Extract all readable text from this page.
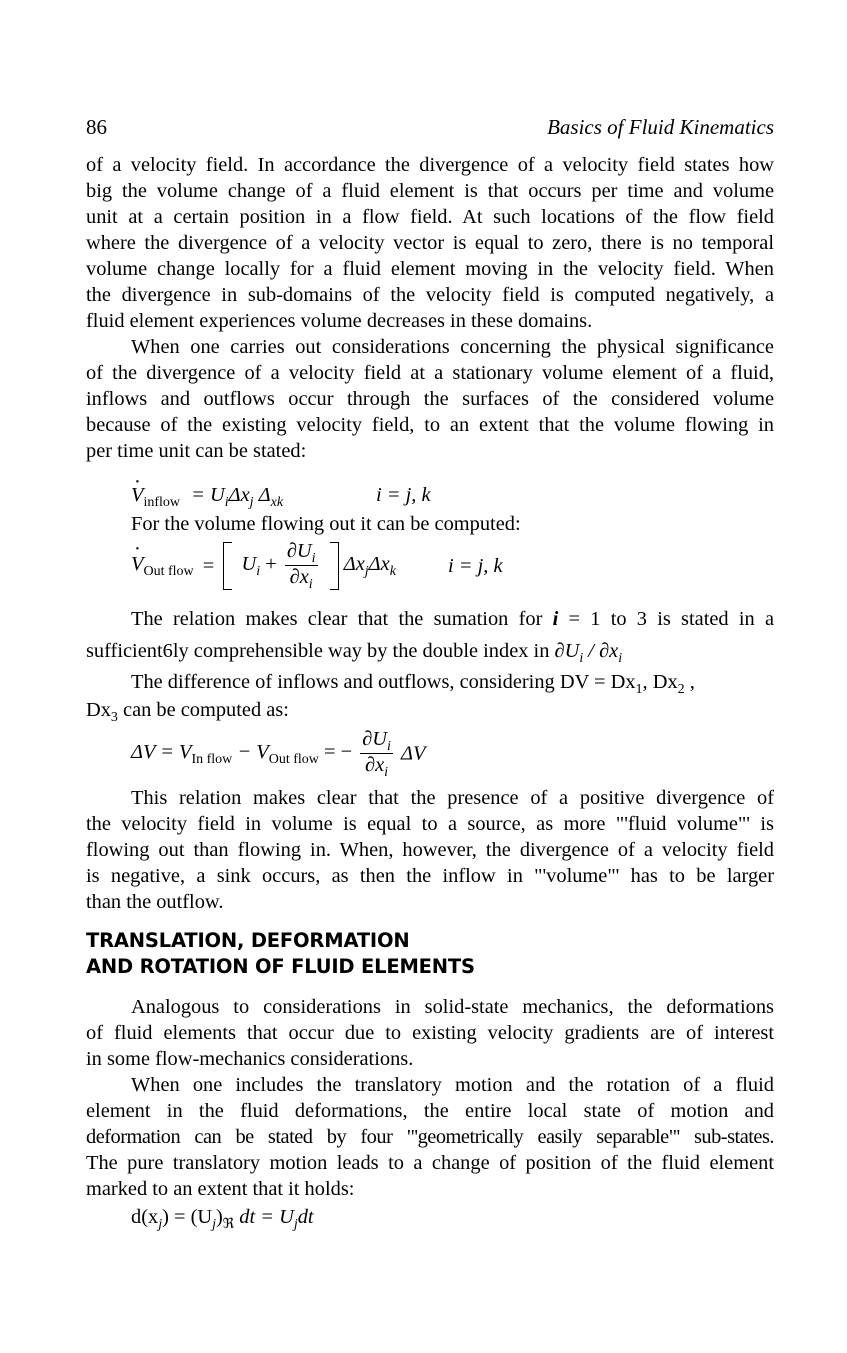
86	Basics of Fluid Kinematics
of a velocity field. In accordance the divergence of a velocity field states how
big the volume change of a fluid element is that occurs per time and volume
unit at a certain position in a flow field. At such locations of the flow field
where the divergence of a velocity vector is equal to zero, there is no temporal
volume change locally for a fluid element moving in the velocity field. When
the divergence in sub-domains of the velocity field is computed negatively, a
fluid element experiences volume decreases in these domains.
When one carries out considerations concerning the physical significance
of the divergence of a velocity field at a stationary volume element of a fluid,
inflows and outflows occur through the surfaces of the considered volume
because of the existing velocity field, to an extent that the volume flowing in
per time unit can be stated:
· $V_{inflow} = U_i\Delta x_j$ $\Delta_{xk}$	i = j, k
For the volume flowing out it can be computed:
· $V_{Out flow} = U_i + \frac{\partial U_i}{\partial x_i} \Delta x_j\Delta x_k$	i = j, k
The relation makes clear that the sumation for i = 1 to 3 is stated in a
sufficient6ly comprehensible way by the double index in $\partial U_i / \partial x_i$
The difference of inflows and outflows, considering DV = $Dx_1$, $Dx_2$ ,
$Dx_3$ can be computed as:
$\Delta V = V_{In flow} - V_{Out flow}$ = − $\frac{\partial U_i}{\partial x_i}$ ΔV
This relation makes clear that the presence of a positive divergence of
the velocity field in volume is equal to a source, as more "'fluid volume"' is
flowing out than flowing in. When, however, the divergence of a velocity field
is negative, a sink occurs, as then the inflow in "'volume"' has to be larger
than the outflow.
TRANSLATION, DEFORMATION
AND ROTATION OF FLUID ELEMENTS
Analogous to considerations in solid-state mechanics, the deformations
of fluid elements that occur due to existing velocity gradients are of interest
in some flow-mechanics considerations.
When one includes the translatory motion and the rotation of a fluid
element in the fluid deformations, the entire local state of motion and
deformation can be stated by four "'geometrically easily separable"' sub-states.
The pure translatory motion leads to a change of position of the fluid element
marked to an extent that it holds:
$d(x_j) = (U_j)_ℜ$ dt = $U_jdt$
